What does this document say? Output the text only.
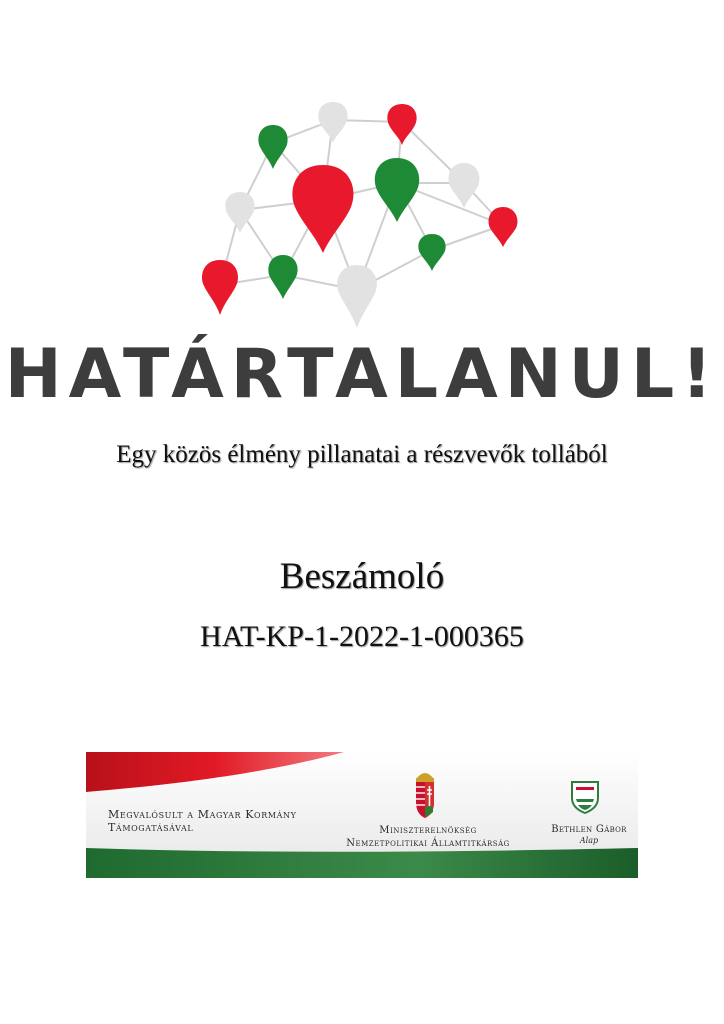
HATÁRTALANUL!
Egy közös élmény pillanatai a részvevők tollából
Beszámoló
HAT-KP-1-2022-1-000365
Megvalósult a Magyar Kormány
Támogatásával	Miniszterelnökség
Nemzetpolitikai Államtitkárság
Bethlen Gábor
Alap
